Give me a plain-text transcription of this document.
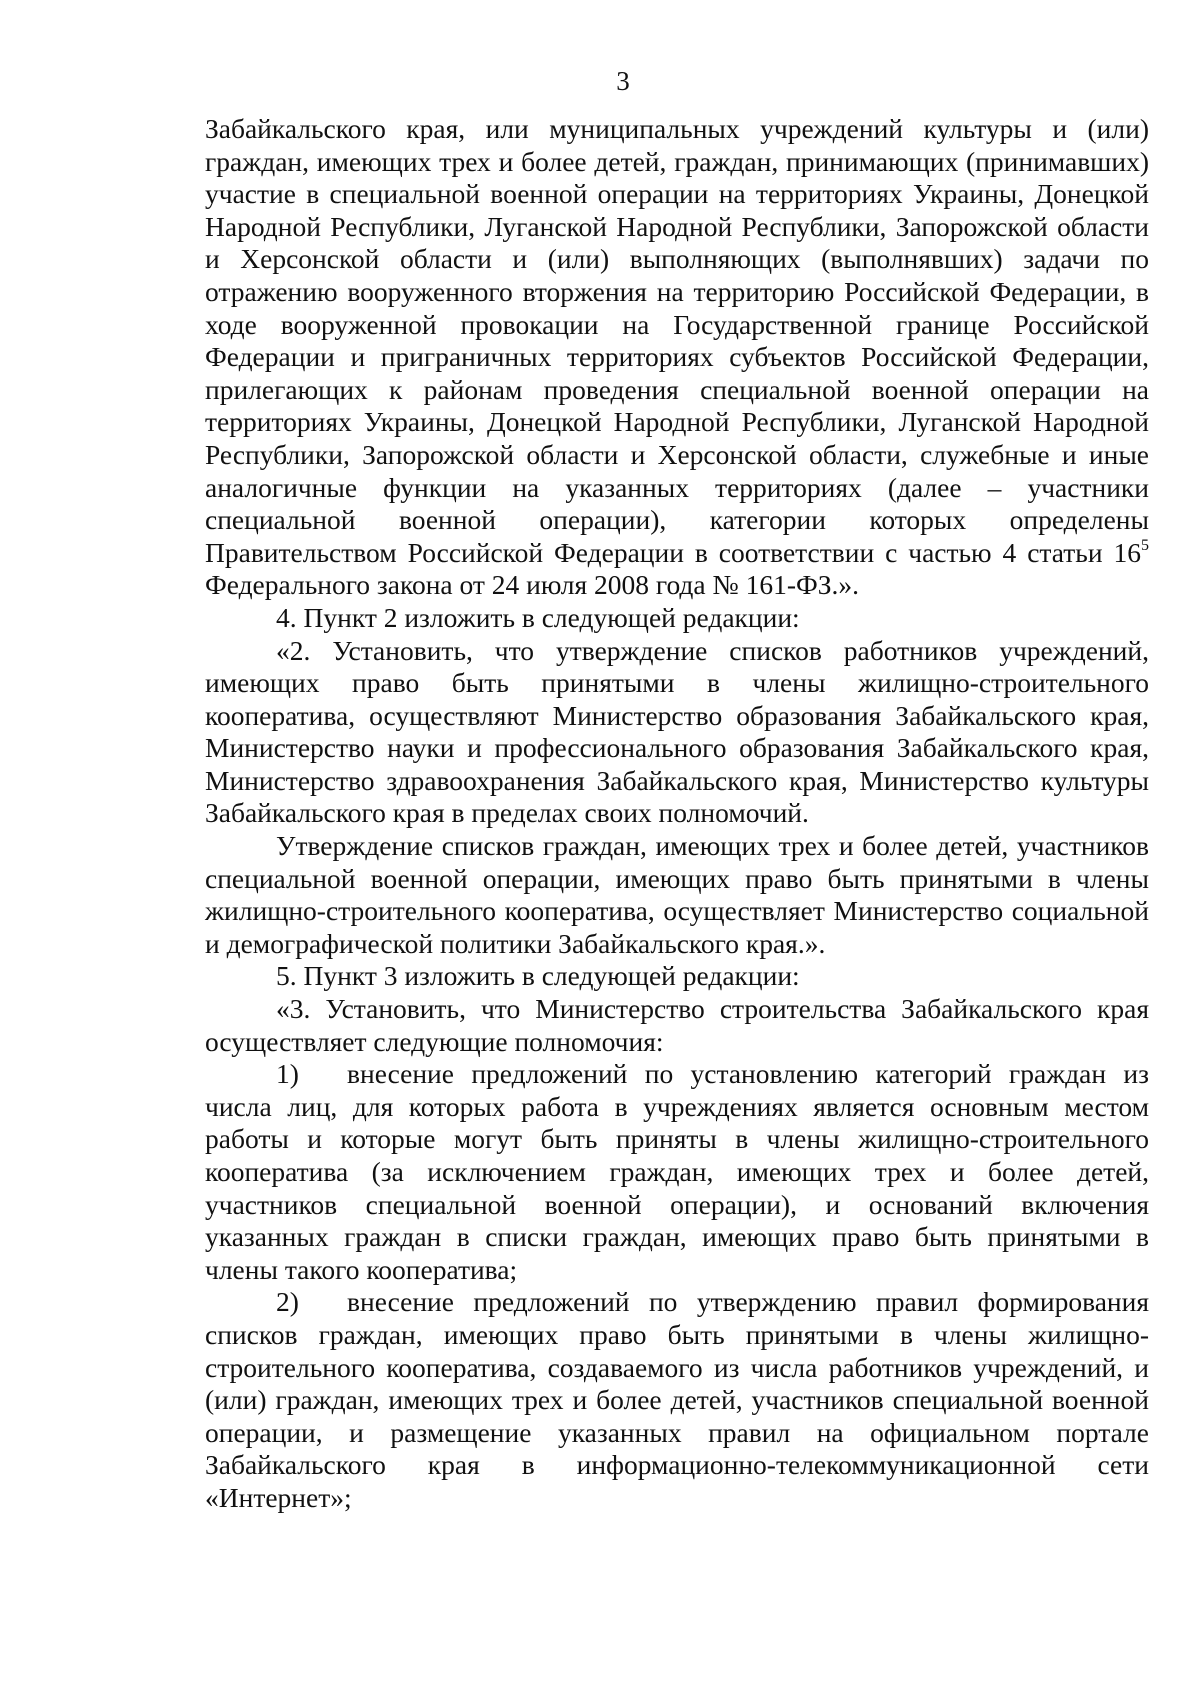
3

Забайкальского края, или муниципальных учреждений культуры и (или) граждан, имеющих трех и более детей, граждан, принимающих (принимавших) участие в специальной военной операции на территориях Украины, Донецкой Народной Республики, Луганской Народной Республики, Запорожской области и Херсонской области и (или) выполняющих (выполнявших) задачи по отражению вооруженного вторжения на территорию Российской Федерации, в ходе вооруженной провокации на Государственной границе Российской Федерации и приграничных территориях субъектов Российской Федерации, прилегающих к районам проведения специальной военной операции на территориях Украины, Донецкой Народной Республики, Луганской Народной Республики, Запорожской области и Херсонской области, служебные и иные аналогичные функции на указанных территориях (далее – участники специальной военной операции), категории которых определены Правительством Российской Федерации в соответствии с частью 4 статьи $16^5$ Федерального закона от 24 июля 2008 года № 161-ФЗ.».

4. Пункт 2 изложить в следующей редакции:

«2. Установить, что утверждение списков работников учреждений, имеющих право быть принятыми в члены жилищно-строительного кооператива, осуществляют Министерство образования Забайкальского края, Министерство науки и профессионального образования Забайкальского края, Министерство здравоохранения Забайкальского края, Министерство культуры Забайкальского края в пределах своих полномочий.

Утверждение списков граждан, имеющих трех и более детей, участников специальной военной операции, имеющих право быть принятыми в члены жилищно-строительного кооператива, осуществляет Министерство социальной и демографической политики Забайкальского края.».

5. Пункт 3 изложить в следующей редакции:

«3. Установить, что Министерство строительства Забайкальского края осуществляет следующие полномочия:

1) внесение предложений по установлению категорий граждан из числа лиц, для которых работа в учреждениях является основным местом работы и которые могут быть приняты в члены жилищно-строительного кооператива (за исключением граждан, имеющих трех и более детей, участников специальной военной операции), и оснований включения указанных граждан в списки граждан, имеющих право быть принятыми в члены такого кооператива;

2) внесение предложений по утверждению правил формирования списков граждан, имеющих право быть принятыми в члены жилищно-строительного кооператива, создаваемого из числа работников учреждений, и (или) граждан, имеющих трех и более детей, участников специальной военной операции, и размещение указанных правил на официальном портале Забайкальского края в информационно-телекоммуникационной сети «Интернет»;
